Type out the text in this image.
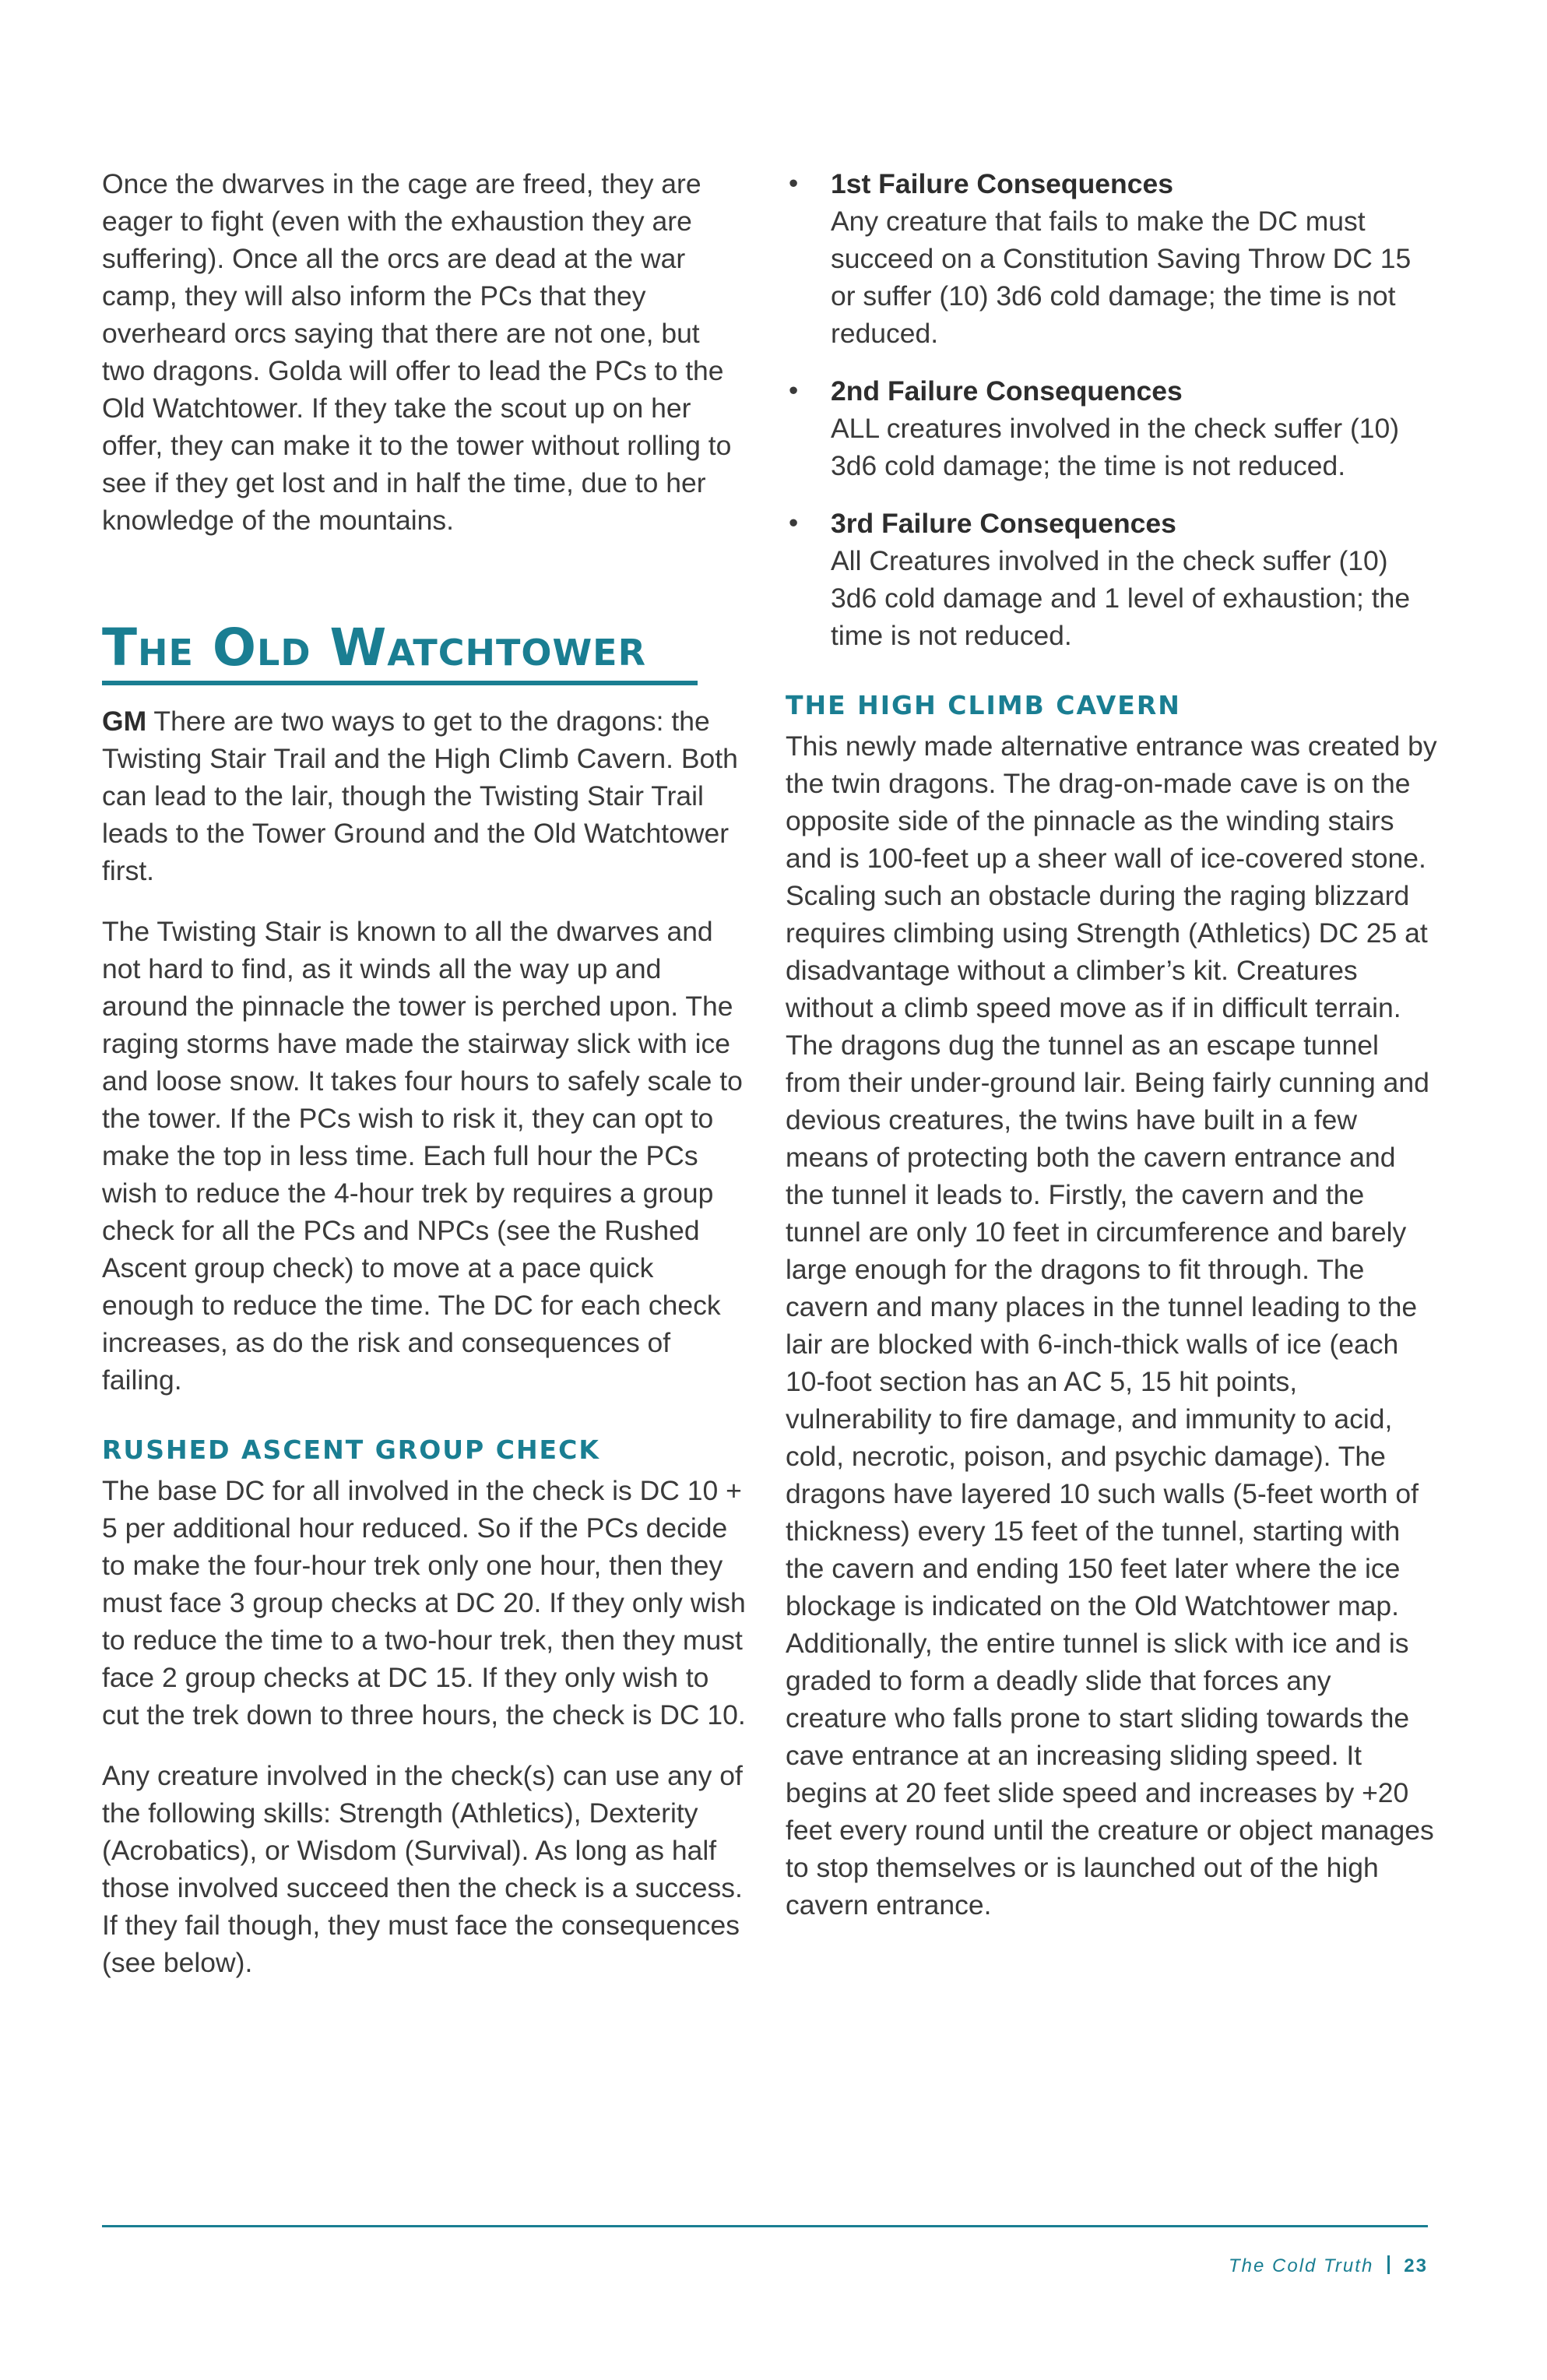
Once the dwarves in the cage are freed, they are eager to fight (even with the exhaustion they are suffering). Once all the orcs are dead at the war camp, they will also inform the PCs that they overheard orcs saying that there are not one, but two dragons. Golda will offer to lead the PCs to the Old Watchtower. If they take the scout up on her offer, they can make it to the tower without rolling to see if they get lost and in half the time, due to her knowledge of the mountains.

The Old Watchtower

GM There are two ways to get to the dragons: the Twisting Stair Trail and the High Climb Cavern. Both can lead to the lair, though the Twisting Stair Trail leads to the Tower Ground and the Old Watchtower first.

The Twisting Stair is known to all the dwarves and not hard to find, as it winds all the way up and around the pinnacle the tower is perched upon. The raging storms have made the stairway slick with ice and loose snow. It takes four hours to safely scale to the tower. If the PCs wish to risk it, they can opt to make the top in less time. Each full hour the PCs wish to reduce the 4-hour trek by requires a group check for all the PCs and NPCs (see the Rushed Ascent group check) to move at a pace quick enough to reduce the time. The DC for each check increases, as do the risk and consequences of failing.

RUSHED ASCENT GROUP CHECK

The base DC for all involved in the check is DC 10 + 5 per additional hour reduced. So if the PCs decide to make the four-hour trek only one hour, then they must face 3 group checks at DC 20. If they only wish to reduce the time to a two-hour trek, then they must face 2 group checks at DC 15. If they only wish to cut the trek down to three hours, the check is DC 10.

Any creature involved in the check(s) can use any of the following skills: Strength (Athletics), Dexterity (Acrobatics), or Wisdom (Survival). As long as half those involved succeed then the check is a success. If they fail though, they must face the consequences (see below).

• 1st Failure Consequences
Any creature that fails to make the DC must succeed on a Constitution Saving Throw DC 15 or suffer (10) 3d6 cold damage; the time is not reduced.
• 2nd Failure Consequences
ALL creatures involved in the check suffer (10) 3d6 cold damage; the time is not reduced.
• 3rd Failure Consequences
All Creatures involved in the check suffer (10) 3d6 cold damage and 1 level of exhaustion; the time is not reduced.
THE HIGH CLIMB CAVERN

This newly made alternative entrance was created by the twin dragons. The drag-on-made cave is on the opposite side of the pinnacle as the winding stairs and is 100-feet up a sheer wall of ice-covered stone. Scaling such an obstacle during the raging blizzard requires climbing using Strength (Athletics) DC 25 at disadvantage without a climber’s kit. Creatures without a climb speed move as if in difficult terrain. The dragons dug the tunnel as an escape tunnel from their under-ground lair. Being fairly cunning and devious creatures, the twins have built in a few means of protecting both the cavern entrance and the tunnel it leads to. Firstly, the cavern and the tunnel are only 10 feet in circumference and barely large enough for the dragons to fit through. The cavern and many places in the tunnel leading to the lair are blocked with 6-inch-thick walls of ice (each 10-foot section has an AC 5, 15 hit points, vulnerability to fire damage, and immunity to acid, cold, necrotic, poison, and psychic damage). The dragons have layered 10 such walls (5-feet worth of thickness) every 15 feet of the tunnel, starting with the cavern and ending 150 feet later where the ice blockage is indicated on the Old Watchtower map. Additionally, the entire tunnel is slick with ice and is graded to form a deadly slide that forces any creature who falls prone to start sliding towards the cave entrance at an increasing sliding speed. It begins at 20 feet slide speed and increases by +20 feet every round until the creature or object manages to stop themselves or is launched out of the high cavern entrance.

The Cold Truth 23
